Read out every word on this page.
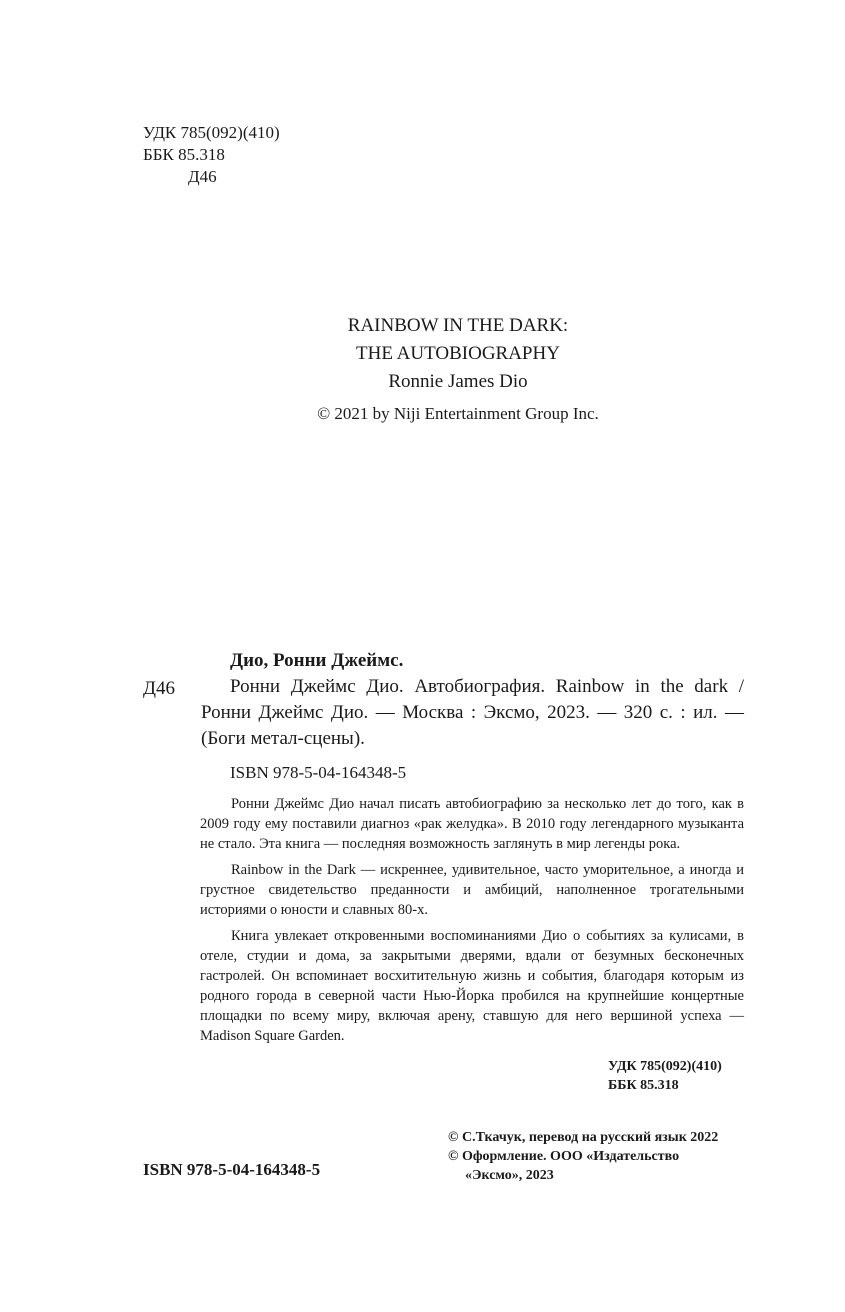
УДК 785(092)(410)
ББК 85.318
Д46
RAINBOW IN THE DARK:
THE AUTOBIOGRAPHY
Ronnie James Dio
© 2021 by Niji Entertainment Group Inc.
Д46
Дио, Ронни Джеймс.
Ронни Джеймс Дио. Автобиография. Rainbow in the dark / Ронни Джеймс Дио. — Москва : Эксмо, 2023. — 320 с. : ил. — (Боги метал-сцены).
ISBN 978-5-04-164348-5

Ронни Джеймс Дио начал писать автобиографию за несколько лет до того, как в 2009 году ему поставили диагноз «рак желудка». В 2010 году легендарного музыканта не стало. Эта книга — последняя возможность заглянуть в мир легенды рока.

Rainbow in the Dark — искреннее, удивительное, часто уморительное, а иногда и грустное свидетельство преданности и амбиций, наполненное трогательными историями о юности и славных 80-х.

Книга увлекает откровенными воспоминаниями Дио о событиях за кулисами, в отеле, студии и дома, за закрытыми дверями, вдали от безумных бесконечных гастролей. Он вспоминает восхитительную жизнь и события, благодаря которым из родного города в северной части Нью-Йорка пробился на крупнейшие концертные площадки по всему миру, включая арену, ставшую для него вершиной успеха — Madison Square Garden.

УДК 785(092)(410)
ББК 85.318
ISBN 978-5-04-164348-5
© С.Ткачук, перевод на русский язык 2022
© Оформление. ООО «Издательство
«Эксмо», 2023
